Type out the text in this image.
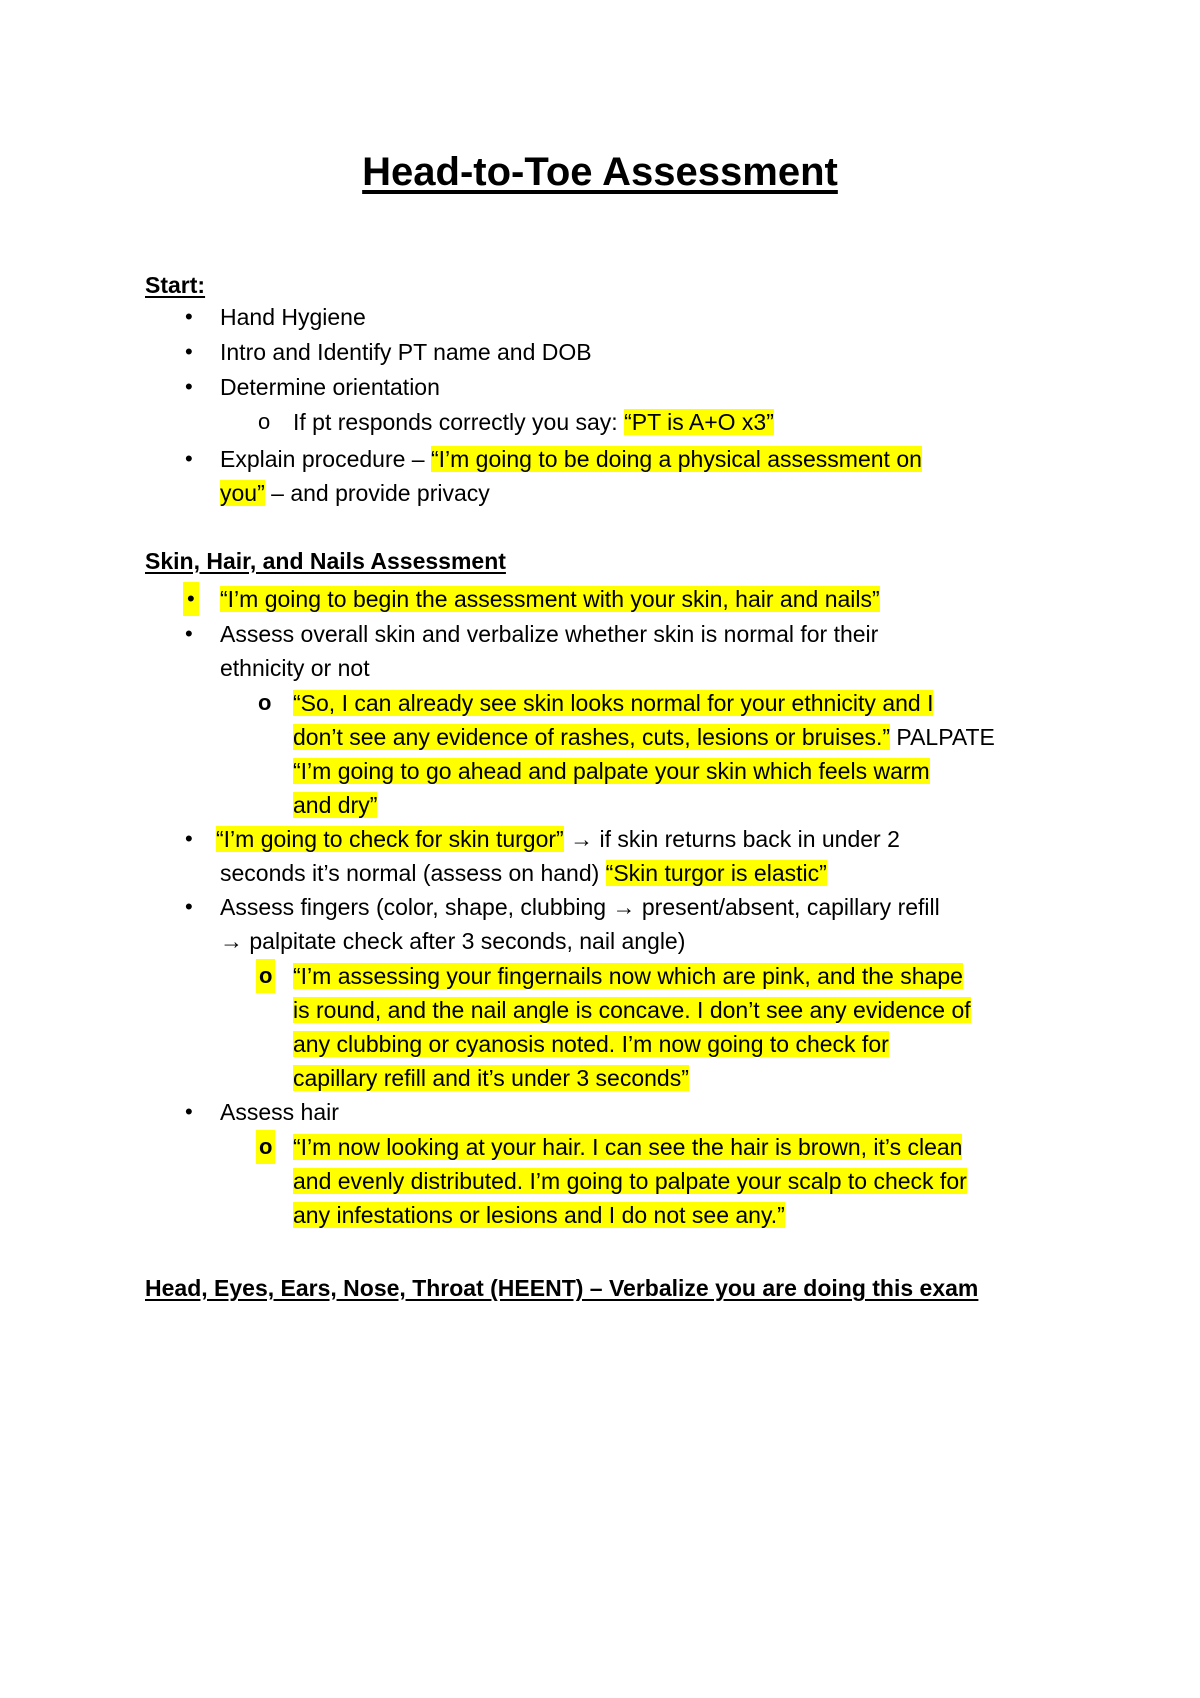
Head-to-Toe Assessment
Start:
• Hand Hygiene
• Intro and Identify PT name and DOB
• Determine orientation
o If pt responds correctly you say: “PT is A+O x3”
• Explain procedure – “I’m going to be doing a physical assessment on
you” – and provide privacy
Skin, Hair, and Nails Assessment
• “I’m going to begin the assessment with your skin, hair and nails”
• Assess overall skin and verbalize whether skin is normal for their
ethnicity or not
o “So, I can already see skin looks normal for your ethnicity and I
don’t see any evidence of rashes, cuts, lesions or bruises.” PALPATE
“I’m going to go ahead and palpate your skin which feels warm
and dry”
• “I’m going to check for skin turgor” → if skin returns back in under 2
seconds it’s normal (assess on hand) “Skin turgor is elastic”
• Assess fingers (color, shape, clubbing → present/absent, capillary refill
→ palpitate check after 3 seconds, nail angle)
o “I’m assessing your fingernails now which are pink, and the shape
is round, and the nail angle is concave. I don’t see any evidence of
any clubbing or cyanosis noted. I’m now going to check for
capillary refill and it’s under 3 seconds”
• Assess hair
o “I’m now looking at your hair. I can see the hair is brown, it’s clean
and evenly distributed. I’m going to palpate your scalp to check for
any infestations or lesions and I do not see any.”
Head, Eyes, Ears, Nose, Throat (HEENT) – Verbalize you are doing this exam
